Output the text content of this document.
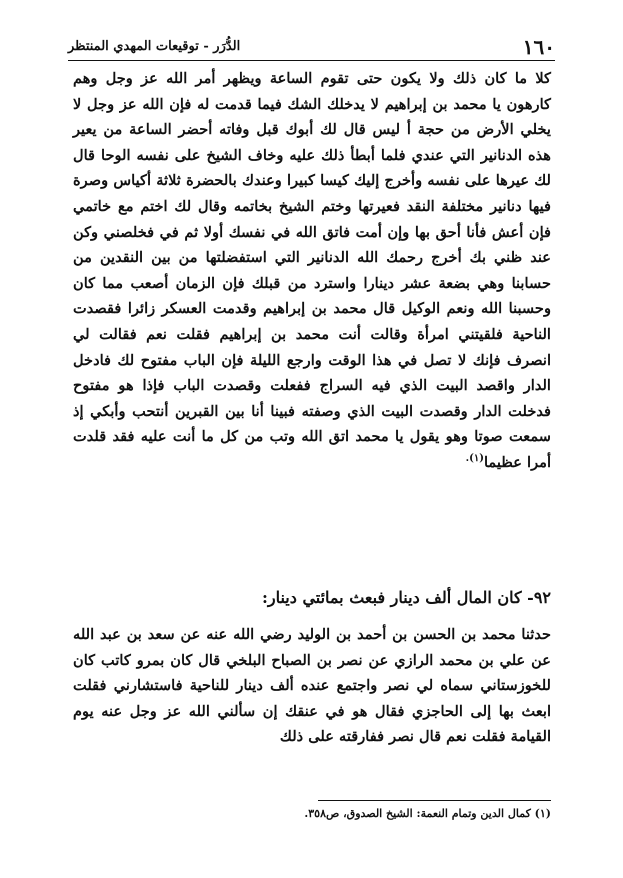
١٦٠
الدُّرَر - توقيعات المهدي المنتظر

كلا ما كان ذلك ولا يكون حتى تقوم الساعة ويظهر أمر الله عز وجل وهم كارهون يا محمد بن إبراهيم لا يدخلك الشك فيما قدمت له فإن الله عز وجل لا يخلي الأرض من حجة أ ليس قال لك أبوك قبل وفاته أحضر الساعة من يعير هذه الدنانير التي عندي فلما أبطأ ذلك عليه وخاف الشيخ على نفسه الوحا قال لك عيرها على نفسه وأخرج إليك كيسا كبيرا وعندك بالحضرة ثلاثة أكياس وصرة فيها دنانير مختلفة النقد فعيرتها وختم الشيخ بخاتمه وقال لك اختم مع خاتمي فإن أعش فأنا أحق بها وإن أمت فاتق الله في نفسك أولا ثم في فخلصني وكن عند ظني بك أخرج رحمك الله الدنانير التي استفضلتها من بين النقدين من حسابنا وهي بضعة عشر دينارا واسترد من قبلك فإن الزمان أصعب مما كان وحسبنا الله ونعم الوكيل قال محمد بن إبراهيم وقدمت العسكر زائرا فقصدت الناحية فلقيتني امرأة وقالت أنت محمد بن إبراهيم فقلت نعم فقالت لي انصرف فإنك لا تصل في هذا الوقت وارجع الليلة فإن الباب مفتوح لك فادخل الدار واقصد البيت الذي فيه السراج ففعلت وقصدت الباب فإذا هو مفتوح فدخلت الدار وقصدت البيت الذي وصفته فبينا أنا بين القبرين أنتحب وأبكي إذ سمعت صوتا وهو يقول يا محمد اتق الله وتب من كل ما أنت عليه فقد قلدت أمرا عظيما$^{(١).}$

٩٢- كان المال ألف دينار فبعث بمائتي دينار:

حدثنا محمد بن الحسن بن أحمد بن الوليد رضي الله عنه عن سعد بن عبد الله عن علي بن محمد الرازي عن نصر بن الصباح البلخي قال كان بمرو كاتب كان للخوزستاني سماه لي نصر واجتمع عنده ألف دينار للناحية فاستشارني فقلت ابعث بها إلى الحاجزي فقال هو في عنقك إن سألني الله عز وجل عنه يوم القيامة فقلت نعم قال نصر ففارقته على ذلك

(١) كمال الدين وتمام النعمة: الشيخ الصدوق، ص٣٥٨.
